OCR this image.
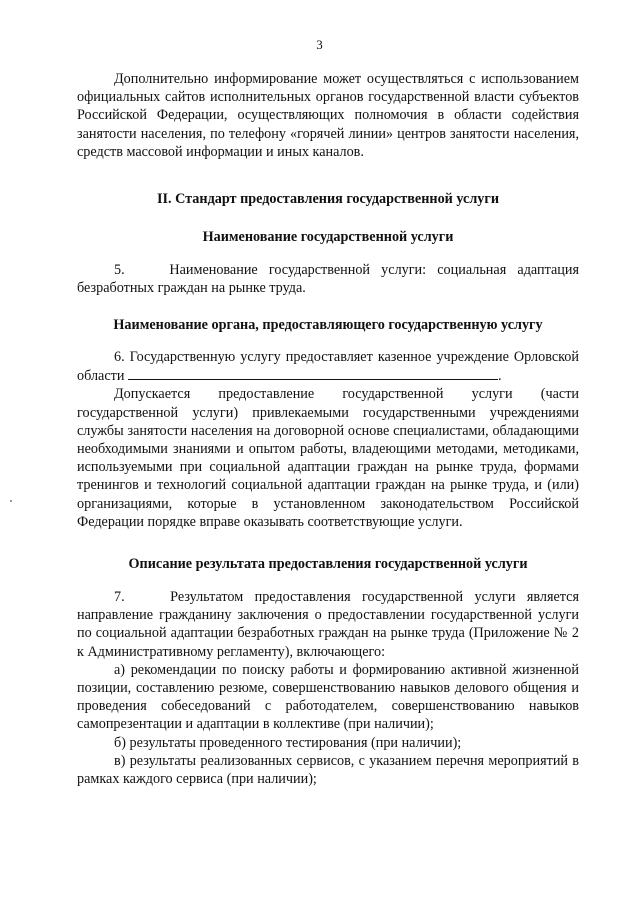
3

Дополнительно информирование может осуществляться с использованием официальных сайтов исполнительных органов государственной власти субъектов Российской Федерации, осуществляющих полномочия в области содействия занятости населения, по телефону «горячей линии» центров занятости населения, средств массовой информации и иных каналов.

II. Стандарт предоставления государственной услуги
Наименование государственной услуги

5.    Наименование государственной услуги: социальная адаптация безработных граждан на рынке труда.

Наименование органа, предоставляющего государственную услугу

6. Государственную услугу предоставляет казенное учреждение Орловской области	.

Допускается предоставление государственной услуги (части государственной услуги) привлекаемыми государственными учреждениями службы занятости населения на договорной основе специалистами, обладающими необходимыми знаниями и опытом работы, владеющими методами, методиками, используемыми при социальной адаптации граждан на рынке труда, формами тренингов и технологий социальной адаптации граждан на рынке труда, и (или) организациями, которые в установленном законодательством Российской Федерации порядке вправе оказывать соответствующие услуги.

Описание результата предоставления государственной услуги

7.    Результатом предоставления государственной услуги является направление гражданину заключения о предоставлении государственной услуги по социальной адаптации безработных граждан на рынке труда (Приложение № 2 к Административному регламенту), включающего:

а) рекомендации по поиску работы и формированию активной жизненной позиции, составлению резюме, совершенствованию навыков делового общения и проведения собеседований с работодателем, совершенствованию навыков самопрезентации и адаптации в коллективе (при наличии);

б) результаты проведенного тестирования (при наличии);

в) результаты реализованных сервисов, с указанием перечня мероприятий в рамках каждого сервиса (при наличии);
